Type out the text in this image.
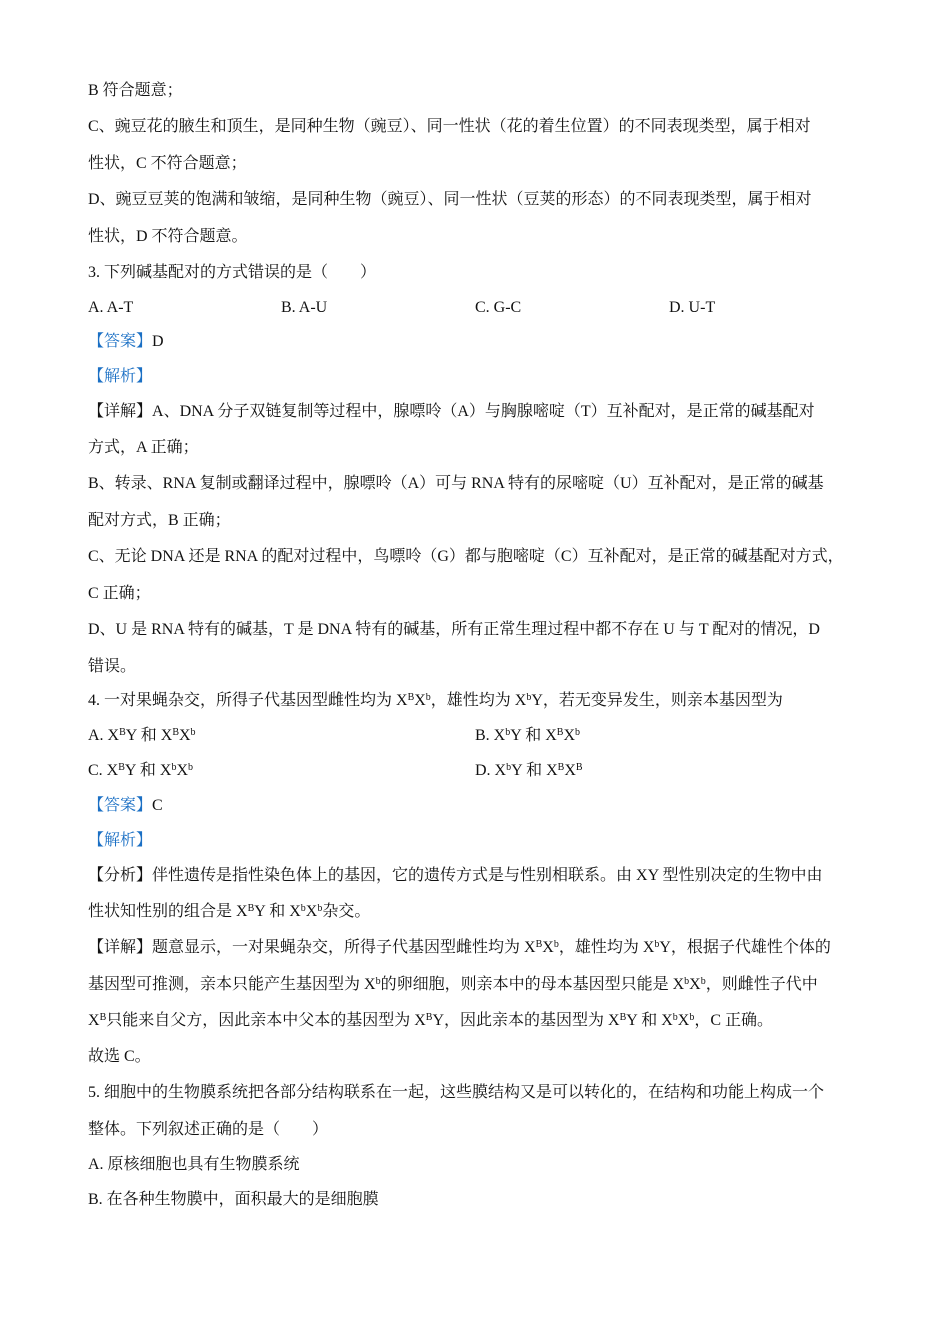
B 符合题意；
C、豌豆花的腋生和顶生，是同种生物（豌豆）、同一性状（花的着生位置）的不同表现类型，属于相对
性状，C 不符合题意；
D、豌豆豆荚的饱满和皱缩，是同种生物（豌豆）、同一性状（豆荚的形态）的不同表现类型，属于相对
性状，D 不符合题意。
3. 下列碱基配对的方式错误的是（　　）
A. A-T	B. A-U	C. G-C	D. U-T
【答案】D
【解析】
【详解】A、DNA 分子双链复制等过程中，腺嘌呤（A）与胸腺嘧啶（T）互补配对，是正常的碱基配对
方式，A 正确；
B、转录、RNA 复制或翻译过程中，腺嘌呤（A）可与 RNA 特有的尿嘧啶（U）互补配对，是正常的碱基
配对方式，B 正确；
C、无论 DNA 还是 RNA 的配对过程中，鸟嘌呤（G）都与胞嘧啶（C）互补配对，是正常的碱基配对方式，
C 正确；
D、U 是 RNA 特有的碱基，T 是 DNA 特有的碱基，所有正常生理过程中都不存在 U 与 T 配对的情况，D
错误。
4. 一对果蝇杂交，所得子代基因型雌性均为 $X^BX^b$，雄性均为 $X^bY$，若无变异发生，则亲本基因型为
A. $X^BY$ 和 $X^BX^b$	B. $X^bY$ 和 $X^BX^b$
C. $X^BY$ 和 $X^bX^b$	D. $X^bY$ 和 $X^BX^B$
【答案】C
【解析】
【分析】伴性遗传是指性染色体上的基因，它的遗传方式是与性别相联系。由 XY 型性别决定的生物中由
性状知性别的组合是 $X^BY$ 和 $X^bX^b$杂交。
【详解】题意显示，一对果蝇杂交，所得子代基因型雌性均为 $X^BX^b$，雄性均为 $X^bY$，根据子代雄性个体的
基因型可推测，亲本只能产生基因型为 $X^b$的卵细胞，则亲本中的母本基因型只能是 $X^bX^b$，则雌性子代中
$X^B$只能来自父方，因此亲本中父本的基因型为 $X^BY$，因此亲本的基因型为 $X^BY$ 和 $X^bX^b$，C 正确。
故选 C。
5. 细胞中的生物膜系统把各部分结构联系在一起，这些膜结构又是可以转化的，在结构和功能上构成一个
整体。下列叙述正确的是（　　）
A. 原核细胞也具有生物膜系统
B. 在各种生物膜中，面积最大的是细胞膜
